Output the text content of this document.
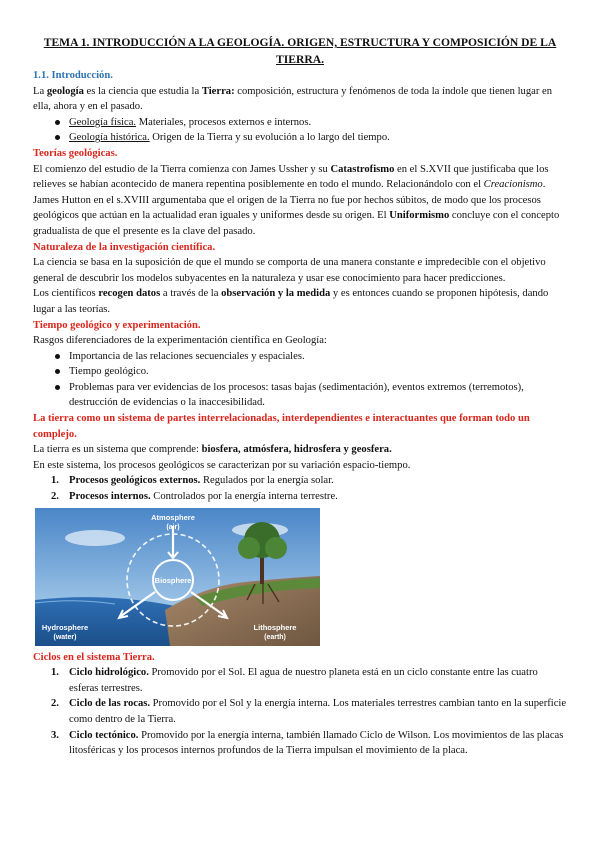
TEMA 1. INTRODUCCIÓN A LA GEOLOGÍA. ORIGEN, ESTRUCTURA Y COMPOSICIÓN DE LA TIERRA.

1.1. Introducción.

La geología es la ciencia que estudia la Tierra: composición, estructura y fenómenos de toda la índole que tienen lugar en ella, ahora y en el pasado.

Geología física. Materiales, procesos externos e internos.
Geología histórica. Origen de la Tierra y su evolución a lo largo del tiempo.

Teorías geológicas.

El comienzo del estudio de la Tierra comienza con James Ussher y su Catastrofismo en el S.XVII que justificaba que los relieves se habían acontecido de manera repentina posiblemente en todo el mundo. Relacionándolo con el Creacionismo. James Hutton en el s.XVIII argumentaba que el origen de la Tierra no fue por hechos súbitos, de modo que los procesos geológicos que actúan en la actualidad eran iguales y uniformes desde su origen. El Uniformismo concluye con el concepto gradualista de que el presente es la clave del pasado.

Naturaleza de la investigación científica.

La ciencia se basa en la suposición de que el mundo se comporta de una manera constante e impredecible con el objetivo general de descubrir los modelos subyacentes en la naturaleza y usar ese conocimiento para hacer predicciones.

Los científicos recogen datos a través de la observación y la medida y es entonces cuando se proponen hipótesis, dando lugar a las teorías.

Tiempo geológico y experimentación.

Rasgos diferenciadores de la experimentación científica en Geología:

Importancia de las relaciones secuenciales y espaciales.
Tiempo geológico.
Problemas para ver evidencias de los procesos: tasas bajas (sedimentación), eventos extremos (terremotos), destrucción de evidencias o la inaccesibilidad.

La tierra como un sistema de partes interrelacionadas, interdependientes e interactuantes que forman todo un complejo.

La tierra es un sistema que comprende: biosfera, atmósfera, hidrosfera y geosfera.

En este sistema, los procesos geológicos se caracterizan por su variación espacio-tiempo.

1. Procesos geológicos externos. Regulados por la energía solar.
2. Procesos internos. Controlados por la energía interna terrestre.
Atmosphere
(air)
Biosphere
Hydrosphere
(water)
Lithosphere
(earth)

Ciclos en el sistema Tierra.

1. Ciclo hidrológico. Promovido por el Sol. El agua de nuestro planeta está en un ciclo constante entre las cuatro esferas terrestres.
2. Ciclo de las rocas. Promovido por el Sol y la energía interna. Los materiales terrestres cambian tanto en la superficie como dentro de la Tierra.
3. Ciclo tectónico. Promovido por la energía interna, también llamado Ciclo de Wilson. Los movimientos de las placas litosféricas y los procesos internos profundos de la Tierra impulsan el movimiento de la placa.
